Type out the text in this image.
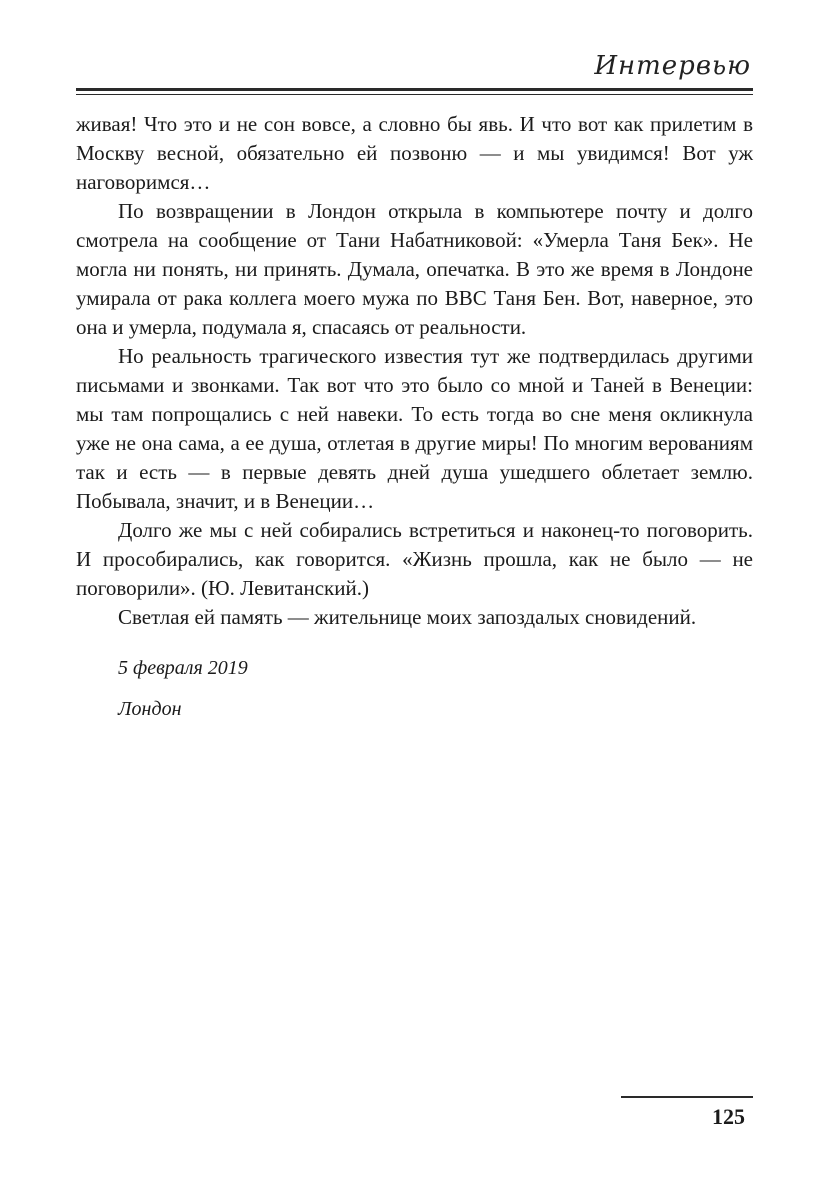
Интервью

живая! Что это и не сон вовсе, а словно бы явь. И что вот как прилетим в Москву весной, обязательно ей позвоню — и мы увидимся! Вот уж наговоримся…

По возвращении в Лондон открыла в компьютере почту и долго смотрела на сообщение от Тани Набатниковой: «Умерла Таня Бек». Не могла ни понять, ни принять. Думала, опечатка. В это же время в Лондоне умирала от рака коллега моего мужа по ВВС Таня Бен. Вот, наверное, это она и умерла, подумала я, спасаясь от реальности.

Но реальность трагического известия тут же подтвердилась другими письмами и звонками. Так вот что это было со мной и Таней в Венеции: мы там попрощались с ней навеки. То есть тогда во сне меня окликнула уже не она сама, а ее душа, отлетая в другие миры! По многим верованиям так и есть — в первые девять дней душа ушедшего облетает землю. Побывала, значит, и в Венеции…

Долго же мы с ней собирались встретиться и наконец-то поговорить. И прособирались, как говорится. «Жизнь прошла, как не было — не поговорили». (Ю. Левитанский.)

Светлая ей память — жительнице моих запоздалых сновидений.

5 февраля 2019

Лондон

125
